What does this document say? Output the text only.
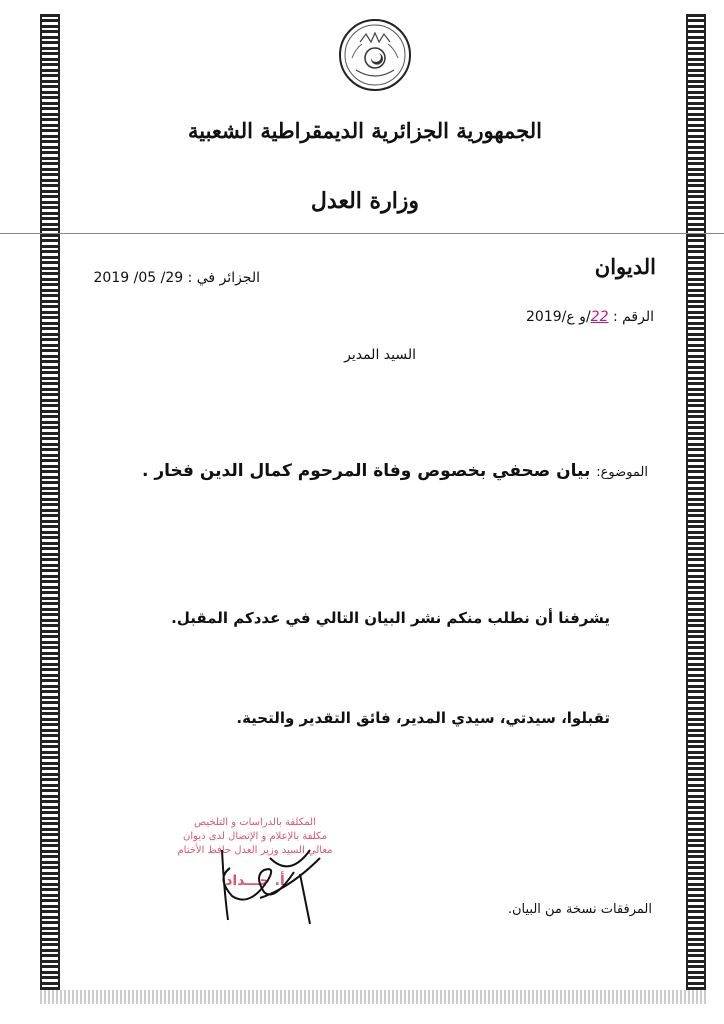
الجمهورية الجزائرية الديمقراطية الشعبية
وزارة العدل
الديوان
الجزائر في : 29/ 05/ 2019
الرقم : 22/و ع/2019
السيد المدير
الموضوع: بيان صحفي بخصوص وفاة المرحوم كمال الدين فخار .
يشرفنا أن نطلب منكم نشر البيان التالي في عددكم المقبل.
تقبلوا، سيدتي، سيدي المدير، فائق التقدير والتحية.
المكلفة بالدراسات و التلخيص
مكلفة بالإعلام و الإتصال لدى ديوان
معالي السيد وزير العدل حافظ الأختام
أ. حـــداد
المرفقات نسخة من البيان.
